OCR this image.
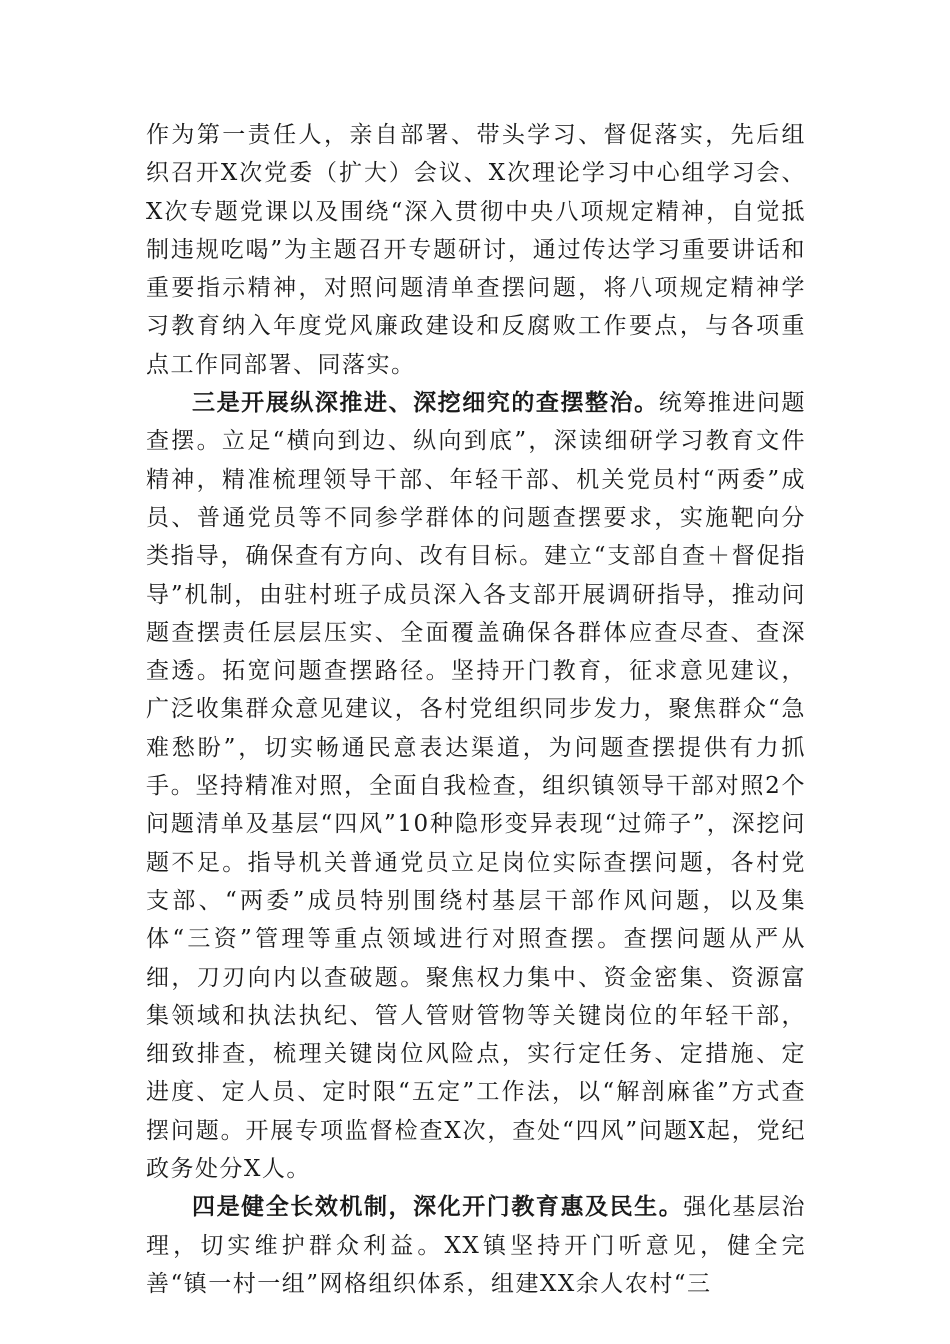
作为第一责任人，亲自部署、带头学习、督促落实，先后组织召开X次党委（扩大）会议、X次理论学习中心组学习会、X次专题党课以及围绕“深入贯彻中央八项规定精神，自觉抵制违规吃喝”为主题召开专题研讨，通过传达学习重要讲话和重要指示精神，对照问题清单查摆问题，将八项规定精神学习教育纳入年度党风廉政建设和反腐败工作要点，与各项重点工作同部署、同落实。

三是开展纵深推进、深挖细究的查摆整治。统筹推进问题查摆。立足“横向到边、纵向到底”，深读细研学习教育文件精神，精准梳理领导干部、年轻干部、机关党员村“两委”成员、普通党员等不同参学群体的问题查摆要求，实施靶向分类指导，确保查有方向、改有目标。建立“支部自查＋督促指导”机制，由驻村班子成员深入各支部开展调研指导，推动问题查摆责任层层压实、全面覆盖确保各群体应查尽查、查深查透。拓宽问题查摆路径。坚持开门教育，征求意见建议，广泛收集群众意见建议，各村党组织同步发力，聚焦群众“急难愁盼”，切实畅通民意表达渠道，为问题查摆提供有力抓手。坚持精准对照，全面自我检查，组织镇领导干部对照2个问题清单及基层“四风”10种隐形变异表现“过筛子”，深挖问题不足。指导机关普通党员立足岗位实际查摆问题，各村党支部、“两委”成员特别围绕村基层干部作风问题，以及集体“三资”管理等重点领域进行对照查摆。查摆问题从严从细，刀刃向内以查破题。聚焦权力集中、资金密集、资源富集领域和执法执纪、管人管财管物等关键岗位的年轻干部，细致排查，梳理关键岗位风险点，实行定任务、定措施、定进度、定人员、定时限“五定”工作法，以“解剖麻雀”方式查摆问题。开展专项监督检查X次，查处“四风”问题X起，党纪政务处分X人。

四是健全长效机制，深化开门教育惠及民生。强化基层治理，切实维护群众利益。XX镇坚持开门听意见，健全完善“镇一村一组”网格组织体系，组建XX余人农村“三
